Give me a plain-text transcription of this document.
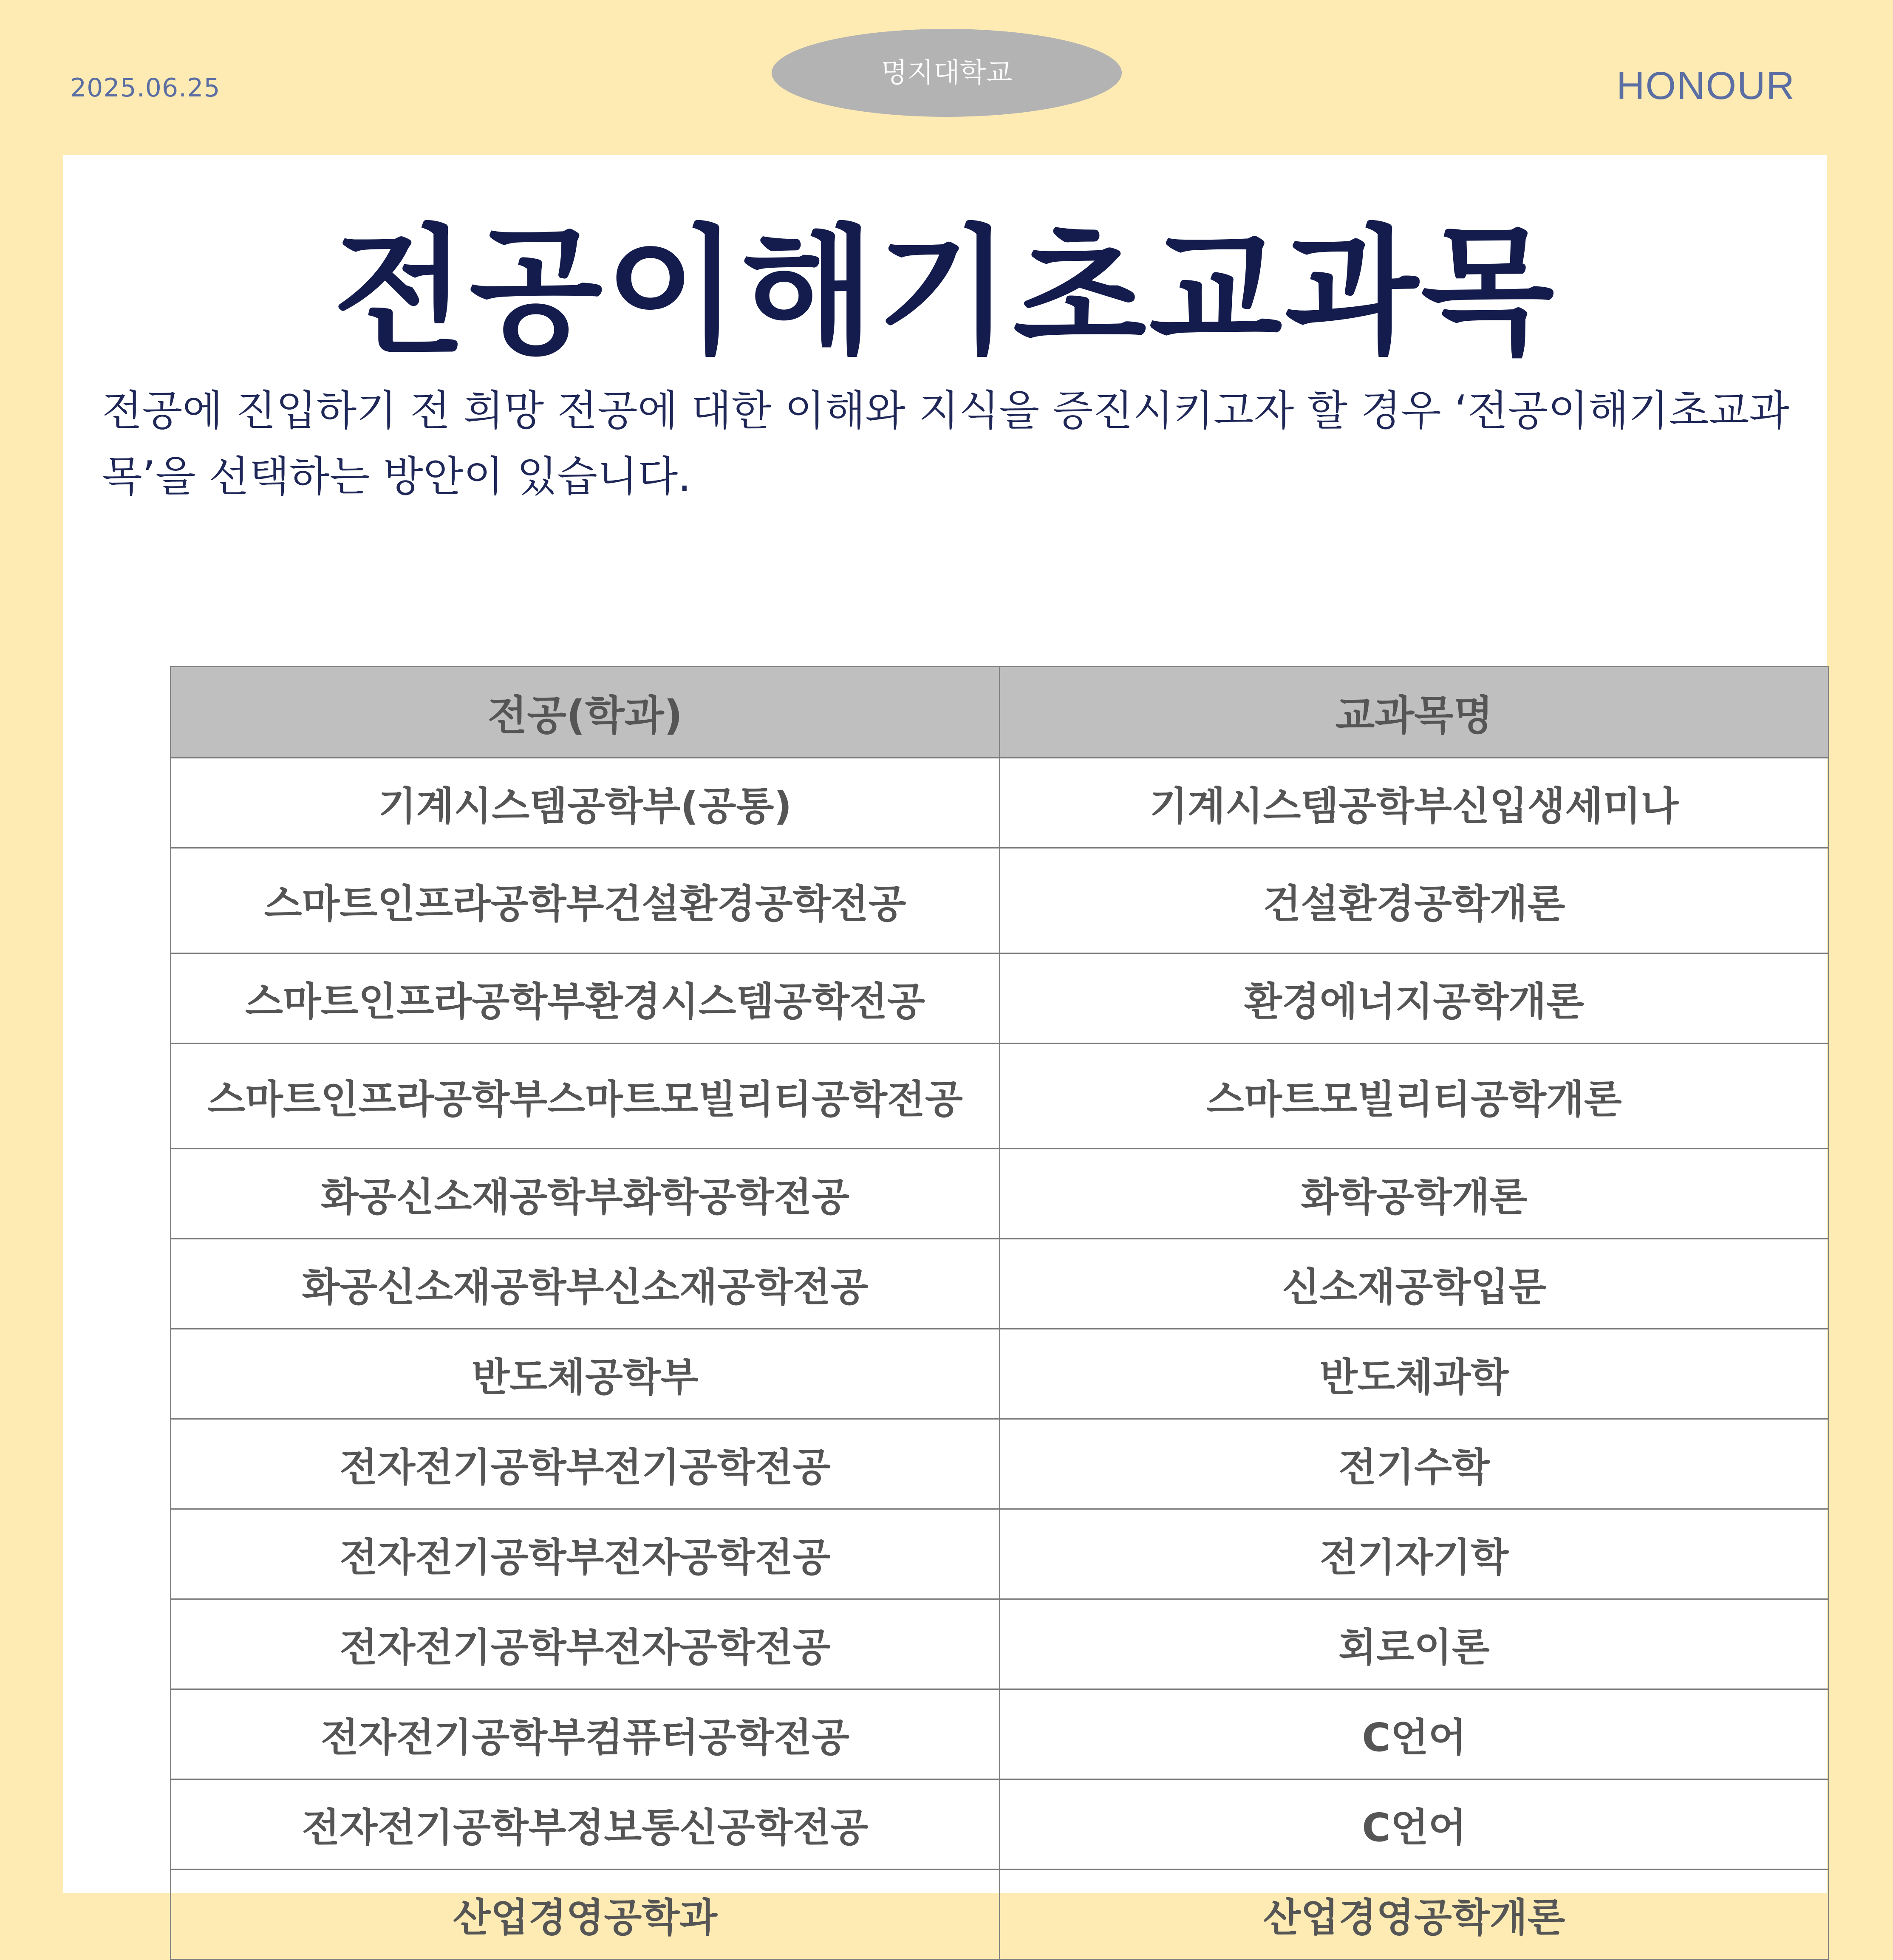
2025.06.25	명지대학교	HONOUR
전공이해기초교과목
전공에 진입하기 전 희망 전공에 대한 이해와 지식을 증진시키고자 할 경우 ‘전공이해기초교과목’을 선택하는 방안이 있습니다.
전공(학과)	교과목명
기계시스템공학부(공통)	기계시스템공학부신입생세미나
스마트인프라공학부건설환경공학전공	건설환경공학개론
스마트인프라공학부환경시스템공학전공	환경에너지공학개론
스마트인프라공학부스마트모빌리티공학전공	스마트모빌리티공학개론
화공신소재공학부화학공학전공	화학공학개론
화공신소재공학부신소재공학전공	신소재공학입문
반도체공학부	반도체과학
전자전기공학부전기공학전공	전기수학
전자전기공학부전자공학전공	전기자기학
전자전기공학부전자공학전공	회로이론
전자전기공학부컴퓨터공학전공	C언어
전자전기공학부정보통신공학전공	C언어
산업경영공학과	산업경영공학개론
